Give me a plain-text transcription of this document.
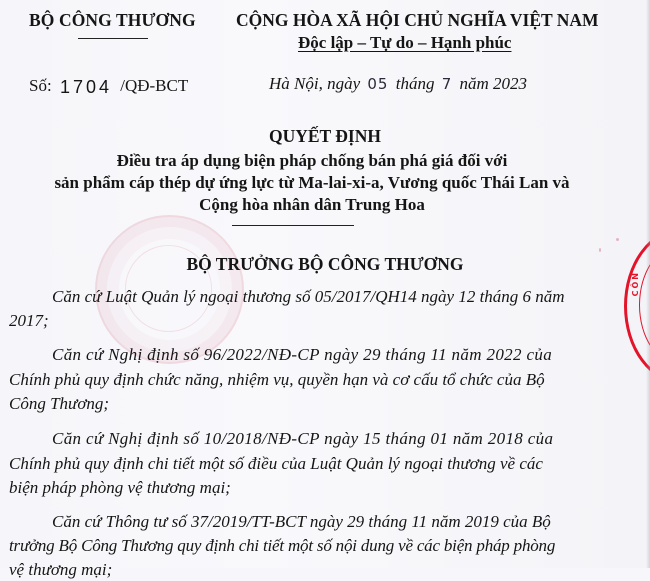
BỘ CÔNG THƯƠNG
Số: 1704 /QĐ-BCT
CỘNG HÒA XÃ HỘI CHỦ NGHĨA VIỆT NAM
Độc lập – Tự do – Hạnh phúc
Hà Nội, ngày 05 tháng 7 năm 2023
QUYẾT ĐỊNH
Điều tra áp dụng biện pháp chống bán phá giá đối với
sản phẩm cáp thép dự ứng lực từ Ma-lai-xi-a, Vương quốc Thái Lan và
Cộng hòa nhân dân Trung Hoa
BỘ TRƯỞNG BỘ CÔNG THƯƠNG
Căn cứ Luật Quản lý ngoại thương số 05/2017/QH14 ngày 12 tháng 6 năm
2017;
Căn cứ Nghị định số 96/2022/NĐ-CP ngày 29 tháng 11 năm 2022 của
Chính phủ quy định chức năng, nhiệm vụ, quyền hạn và cơ cấu tổ chức của Bộ
Công Thương;
Căn cứ Nghị định số 10/2018/NĐ-CP ngày 15 tháng 01 năm 2018 của
Chính phủ quy định chi tiết một số điều của Luật Quản lý ngoại thương về các
biện pháp phòng vệ thương mại;
Căn cứ Thông tư số 37/2019/TT-BCT ngày 29 tháng 11 năm 2019 của Bộ
trưởng Bộ Công Thương quy định chi tiết một số nội dung về các biện pháp phòng
vệ thương mại;
CÔN
